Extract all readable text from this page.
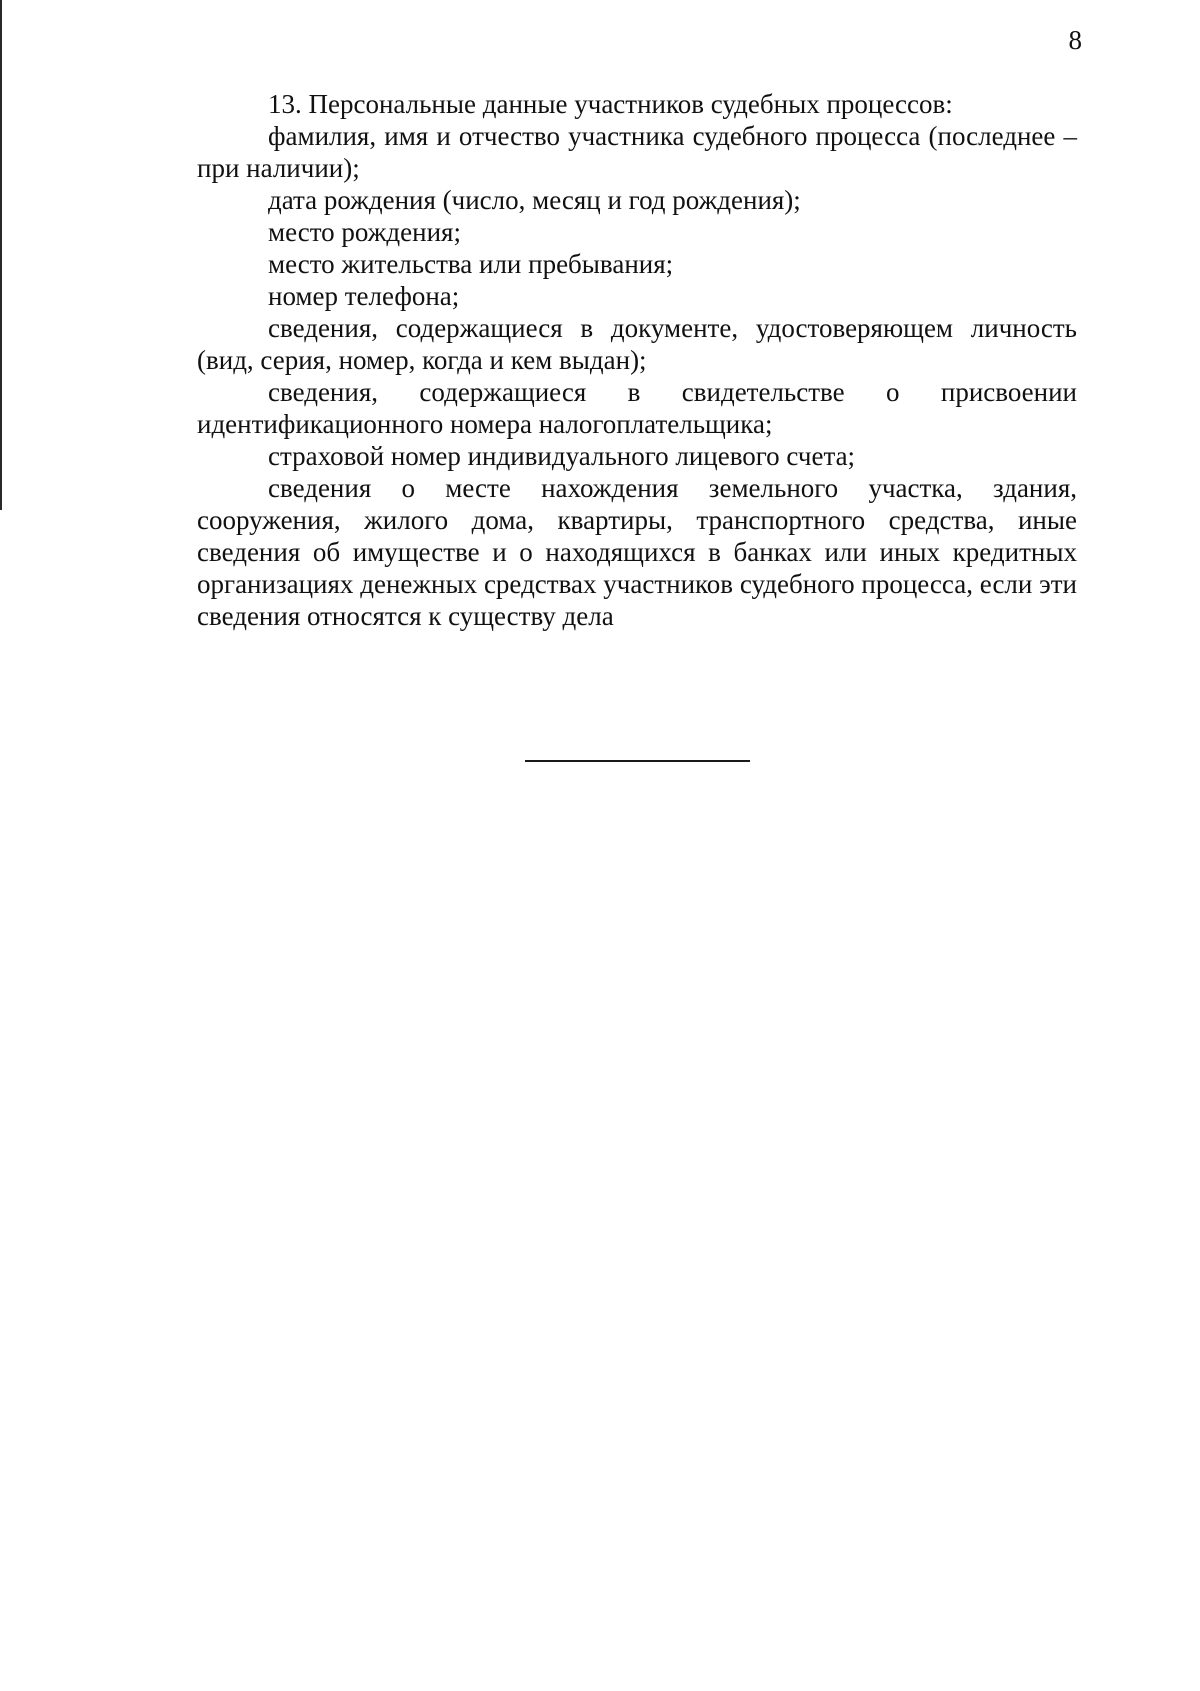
8

13. Персональные данные участников судебных процессов:

фамилия, имя и отчество участника судебного процесса (последнее – при наличии);

дата рождения (число, месяц и год рождения);

место рождения;

место жительства или пребывания;

номер телефона;

сведения, содержащиеся в документе, удостоверяющем личность (вид, серия, номер, когда и кем выдан);

сведения, содержащиеся в свидетельстве о присвоении идентификационного номера налогоплательщика;

страховой номер индивидуального лицевого счета;

сведения о месте нахождения земельного участка, здания, сооружения, жилого дома, квартиры, транспортного средства, иные сведения об имуществе и о находящихся в банках или иных кредитных организациях денежных средствах участников судебного процесса, если эти сведения относятся к существу дела
